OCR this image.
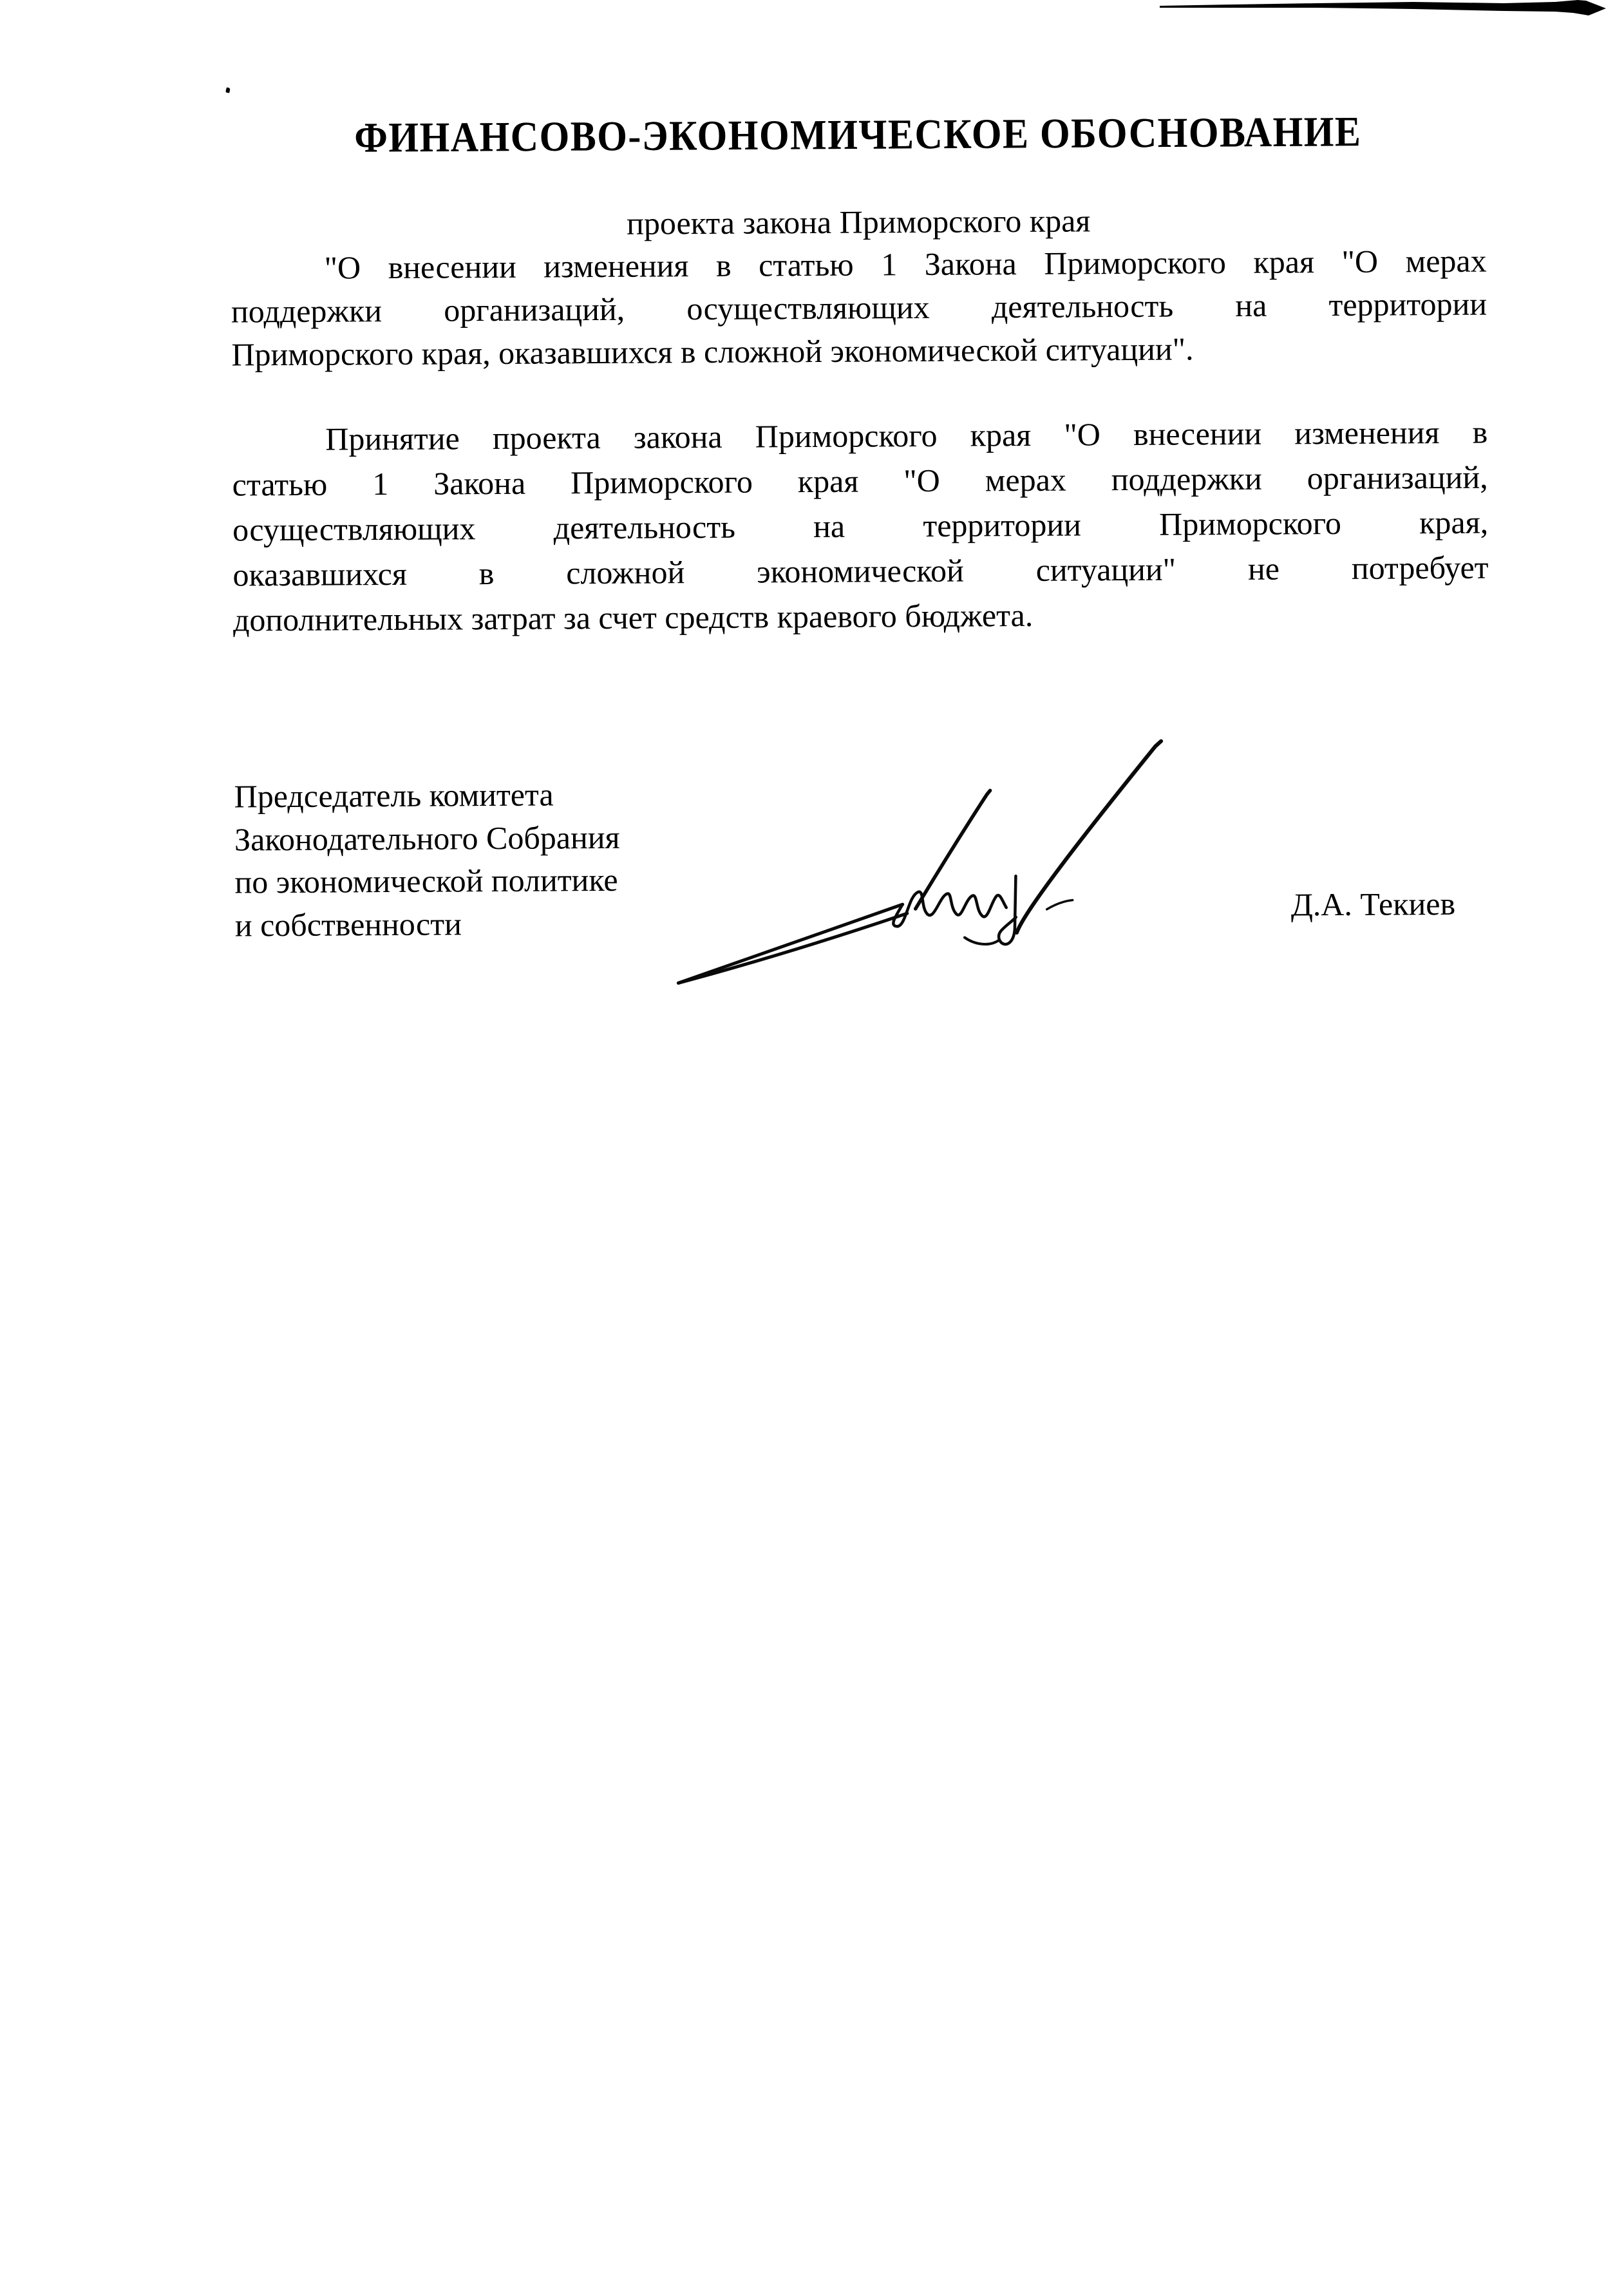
ФИНАНСОВО-ЭКОНОМИЧЕСКОЕ ОБОСНОВАНИЕ
проекта закона Приморского края
"О внесении изменения в статью 1 Закона Приморского края "О мерах
поддержки организаций, осуществляющих деятельность на территории
Приморского края, оказавшихся в сложной экономической ситуации".
Принятие проекта закона Приморского края "О внесении изменения в
статью 1 Закона Приморского края "О мерах поддержки организаций,
осуществляющих деятельность на территории Приморского края,
оказавшихся в сложной экономической ситуации" не потребует
дополнительных затрат за счет средств краевого бюджета.
Председатель комитета
Законодательного Собрания
по экономической политике
и собственности
Д.А. Текиев
